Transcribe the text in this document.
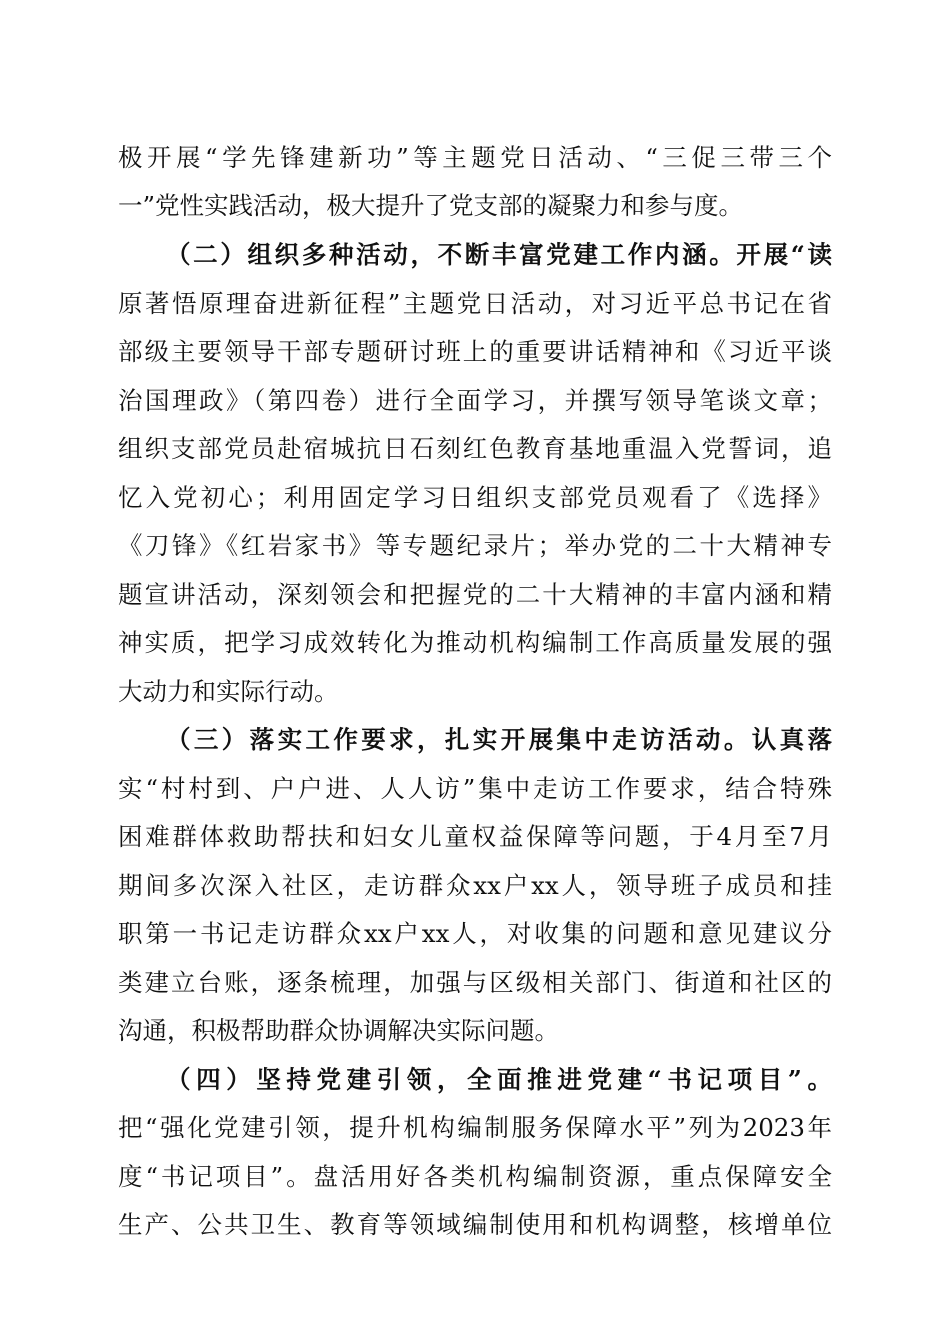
极开展“学先锋建新功”等主题党日活动、“三促三带三个
一”党性实践活动，极大提升了党支部的凝聚力和参与度。
（二）组织多种活动，不断丰富党建工作内涵。开展“读
原著悟原理奋进新征程”主题党日活动，对习近平总书记在省
部级主要领导干部专题研讨班上的重要讲话精神和《习近平谈
治国理政》（第四卷）进行全面学习，并撰写领导笔谈文章；
组织支部党员赴宿城抗日石刻红色教育基地重温入党誓词，追
忆入党初心；利用固定学习日组织支部党员观看了《选择》
《刀锋》《红岩家书》等专题纪录片；举办党的二十大精神专
题宣讲活动，深刻领会和把握党的二十大精神的丰富内涵和精
神实质，把学习成效转化为推动机构编制工作高质量发展的强
大动力和实际行动。
（三）落实工作要求，扎实开展集中走访活动。认真落
实“村村到、户户进、人人访”集中走访工作要求，结合特殊
困难群体救助帮扶和妇女儿童权益保障等问题，于4月至7月
期间多次深入社区，走访群众xx户xx人，领导班子成员和挂
职第一书记走访群众xx户xx人，对收集的问题和意见建议分
类建立台账，逐条梳理，加强与区级相关部门、街道和社区的
沟通，积极帮助群众协调解决实际问题。
（四）坚持党建引领，全面推进党建“书记项目”。
把“强化党建引领，提升机构编制服务保障水平”列为2023年
度“书记项目”。盘活用好各类机构编制资源，重点保障安全
生产、公共卫生、教育等领域编制使用和机构调整，核增单位
